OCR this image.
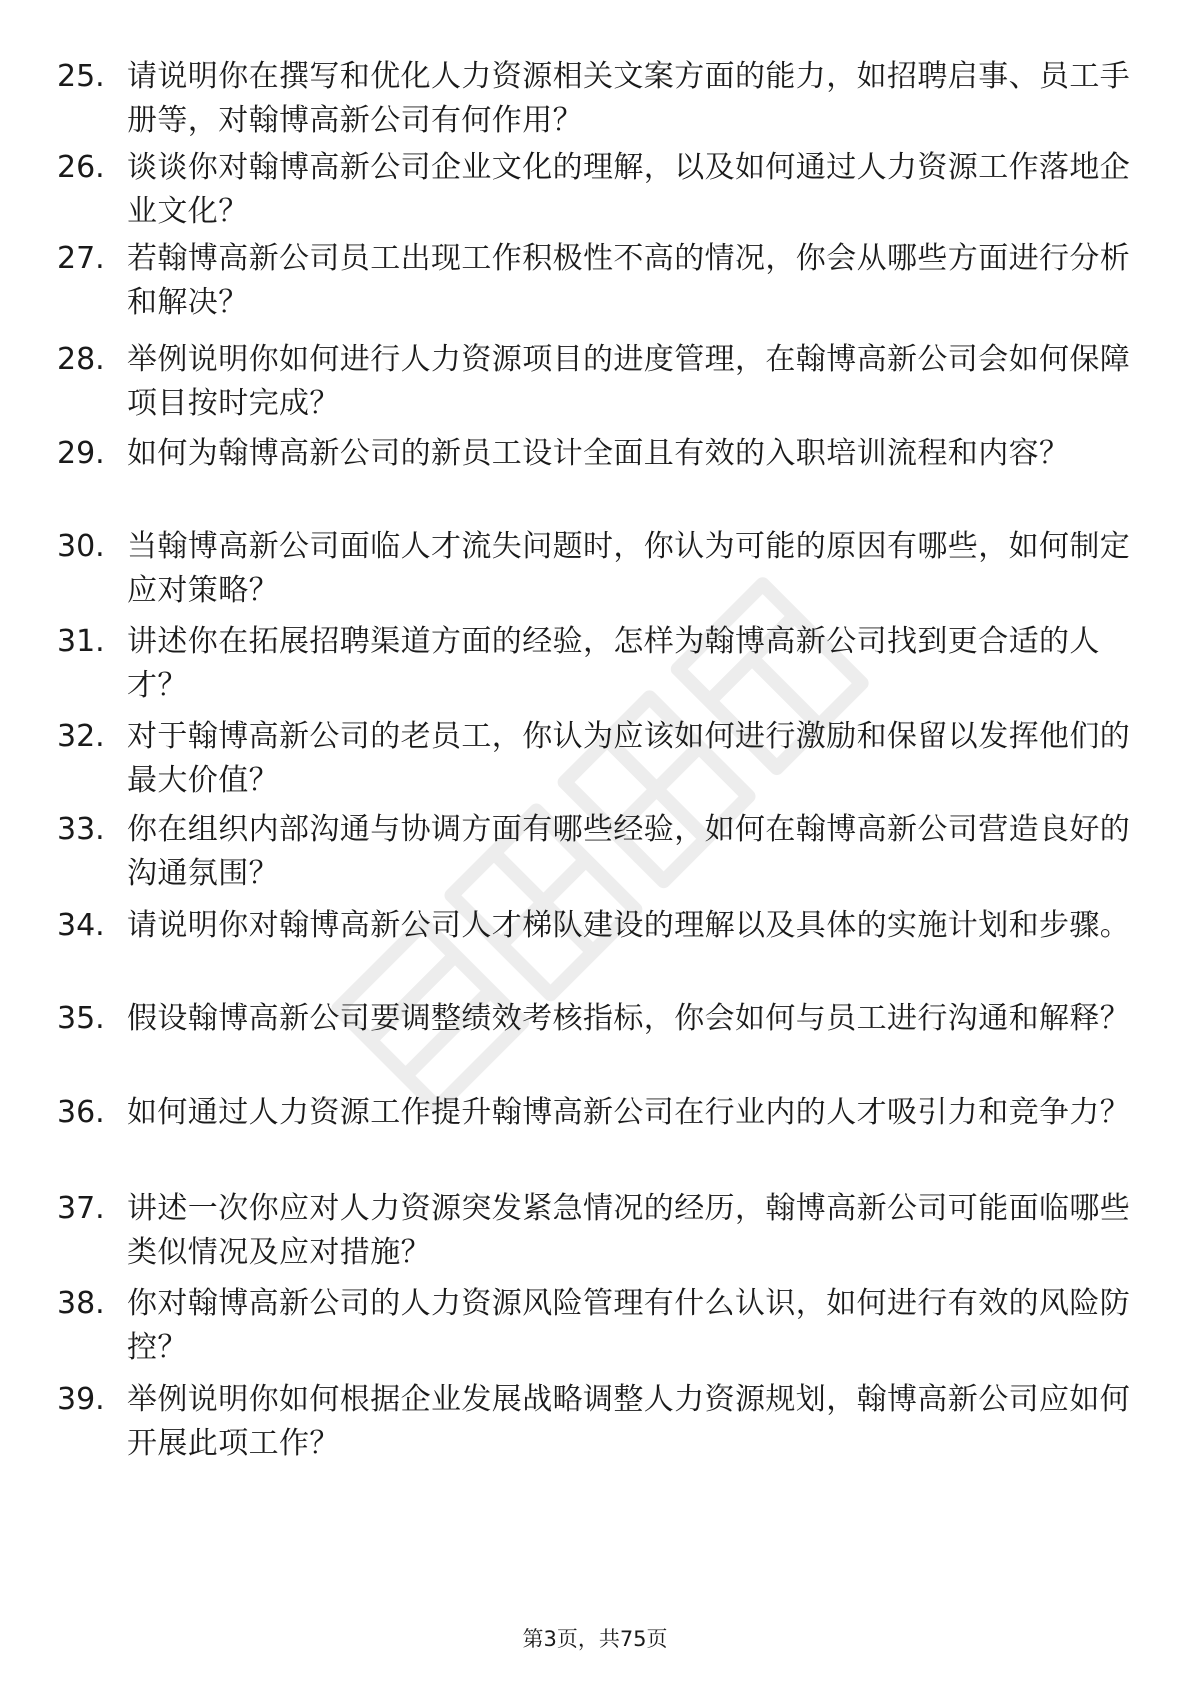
25. 请说明你在撰写和优化人力资源相关文案方面的能力，如招聘启事、员工手册等，对翰博高新公司有何作用？
26. 谈谈你对翰博高新公司企业文化的理解，以及如何通过人力资源工作落地企业文化？
27. 若翰博高新公司员工出现工作积极性不高的情况，你会从哪些方面进行分析和解决？
28. 举例说明你如何进行人力资源项目的进度管理，在翰博高新公司会如何保障项目按时完成？
29. 如何为翰博高新公司的新员工设计全面且有效的入职培训流程和内容？
30. 当翰博高新公司面临人才流失问题时，你认为可能的原因有哪些，如何制定应对策略？
31. 讲述你在拓展招聘渠道方面的经验，怎样为翰博高新公司找到更合适的人才？
32. 对于翰博高新公司的老员工，你认为应该如何进行激励和保留以发挥他们的最大价值？
33. 你在组织内部沟通与协调方面有哪些经验，如何在翰博高新公司营造良好的沟通氛围？
34. 请说明你对翰博高新公司人才梯队建设的理解以及具体的实施计划和步骤。
35. 假设翰博高新公司要调整绩效考核指标，你会如何与员工进行沟通和解释？
36. 如何通过人力资源工作提升翰博高新公司在行业内的人才吸引力和竞争力？
37. 讲述一次你应对人力资源突发紧急情况的经历，翰博高新公司可能面临哪些类似情况及应对措施？
38. 你对翰博高新公司的人力资源风险管理有什么认识，如何进行有效的风险防控？
39. 举例说明你如何根据企业发展战略调整人力资源规划，翰博高新公司应如何开展此项工作？
第3页，共75页
